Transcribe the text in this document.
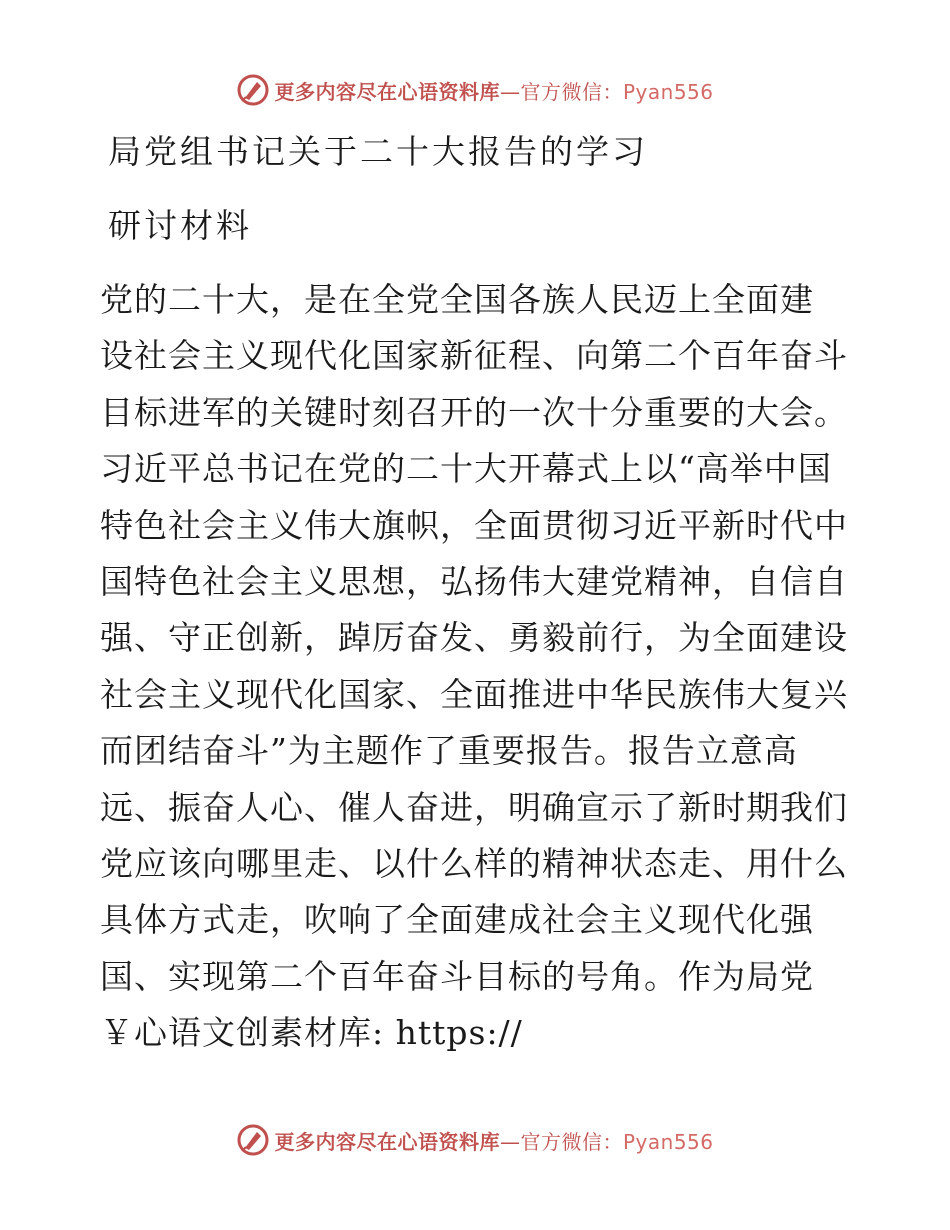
更多内容尽在心语资料库—官方微信：Pyan556
局党组书记关于二十大报告的学习
研讨材料
党的二十大，是在全党全国各族人民迈上全面建
设社会主义现代化国家新征程、向第二个百年奋斗
目标进军的关键时刻召开的一次十分重要的大会。
习近平总书记在党的二十大开幕式上以“高举中国
特色社会主义伟大旗帜，全面贯彻习近平新时代中
国特色社会主义思想，弘扬伟大建党精神，自信自
强、守正创新，踔厉奋发、勇毅前行，为全面建设
社会主义现代化国家、全面推进中华民族伟大复兴
而团结奋斗”为主题作了重要报告。报告立意高
远、振奋人心、催人奋进，明确宣示了新时期我们
党应该向哪里走、以什么样的精神状态走、用什么
具体方式走，吹响了全面建成社会主义现代化强
国、实现第二个百年奋斗目标的号角。作为局党
￥心语文创素材库: https://
更多内容尽在心语资料库—官方微信：Pyan556
